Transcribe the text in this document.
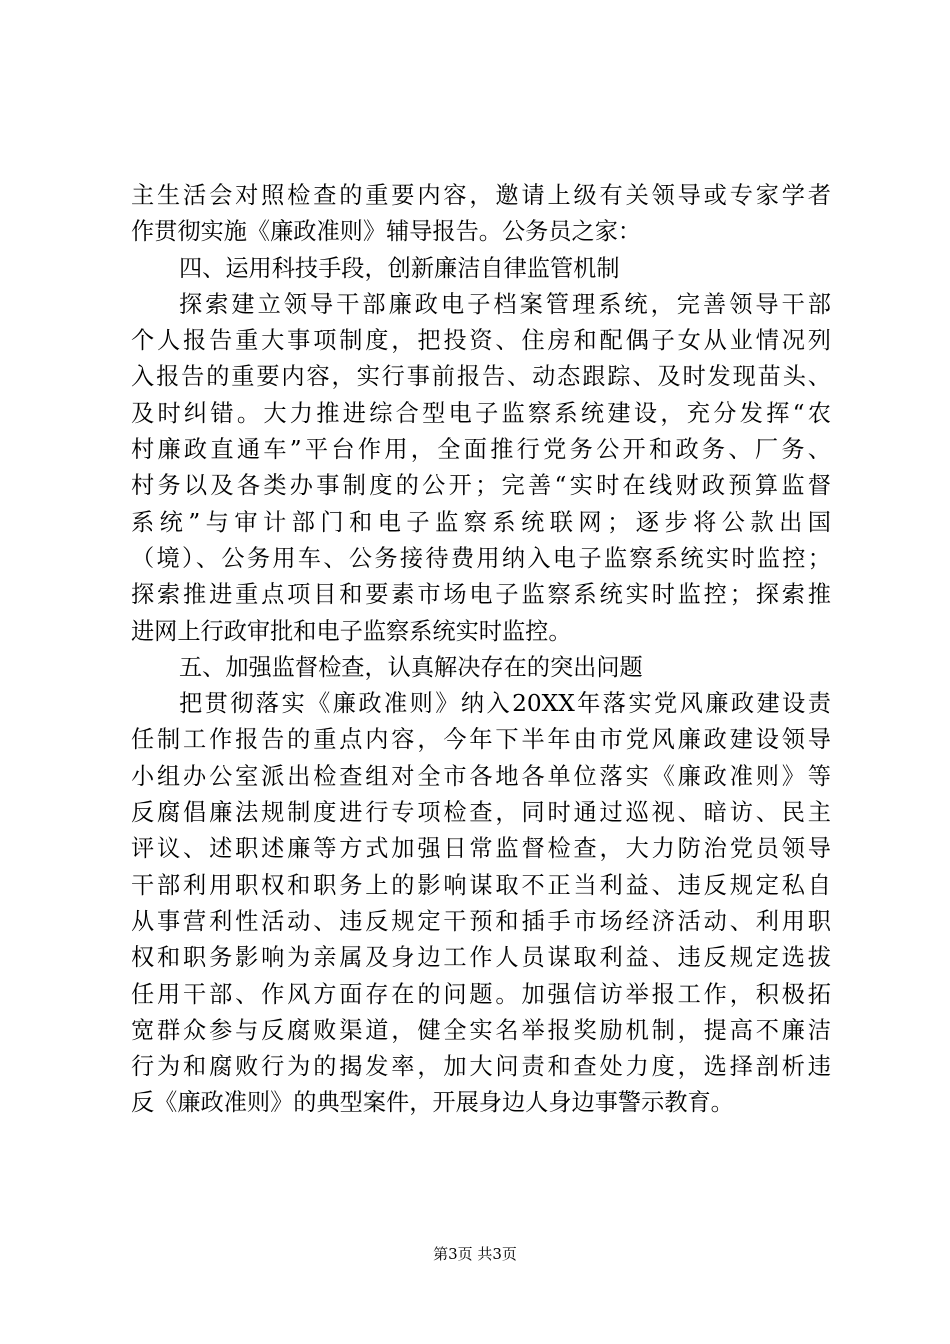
主生活会对照检查的重要内容，邀请上级有关领导或专家学者
作贯彻实施《廉政准则》辅导报告。公务员之家：
四、运用科技手段，创新廉洁自律监管机制
探索建立领导干部廉政电子档案管理系统，完善领导干部
个人报告重大事项制度，把投资、住房和配偶子女从业情况列
入报告的重要内容，实行事前报告、动态跟踪、及时发现苗头、
及时纠错。大力推进综合型电子监察系统建设，充分发挥“农
村廉政直通车”平台作用，全面推行党务公开和政务、厂务、
村务以及各类办事制度的公开；完善“实时在线财政预算监督
系统”与审计部门和电子监察系统联网；逐步将公款出国
（境）、公务用车、公务接待费用纳入电子监察系统实时监控；
探索推进重点项目和要素市场电子监察系统实时监控；探索推
进网上行政审批和电子监察系统实时监控。
五、加强监督检查，认真解决存在的突出问题
把贯彻落实《廉政准则》纳入20XX年落实党风廉政建设责
任制工作报告的重点内容，今年下半年由市党风廉政建设领导
小组办公室派出检查组对全市各地各单位落实《廉政准则》等
反腐倡廉法规制度进行专项检查，同时通过巡视、暗访、民主
评议、述职述廉等方式加强日常监督检查，大力防治党员领导
干部利用职权和职务上的影响谋取不正当利益、违反规定私自
从事营利性活动、违反规定干预和插手市场经济活动、利用职
权和职务影响为亲属及身边工作人员谋取利益、违反规定选拔
任用干部、作风方面存在的问题。加强信访举报工作，积极拓
宽群众参与反腐败渠道，健全实名举报奖励机制，提高不廉洁
行为和腐败行为的揭发率，加大问责和查处力度，选择剖析违
反《廉政准则》的典型案件，开展身边人身边事警示教育。
第3页 共3页
